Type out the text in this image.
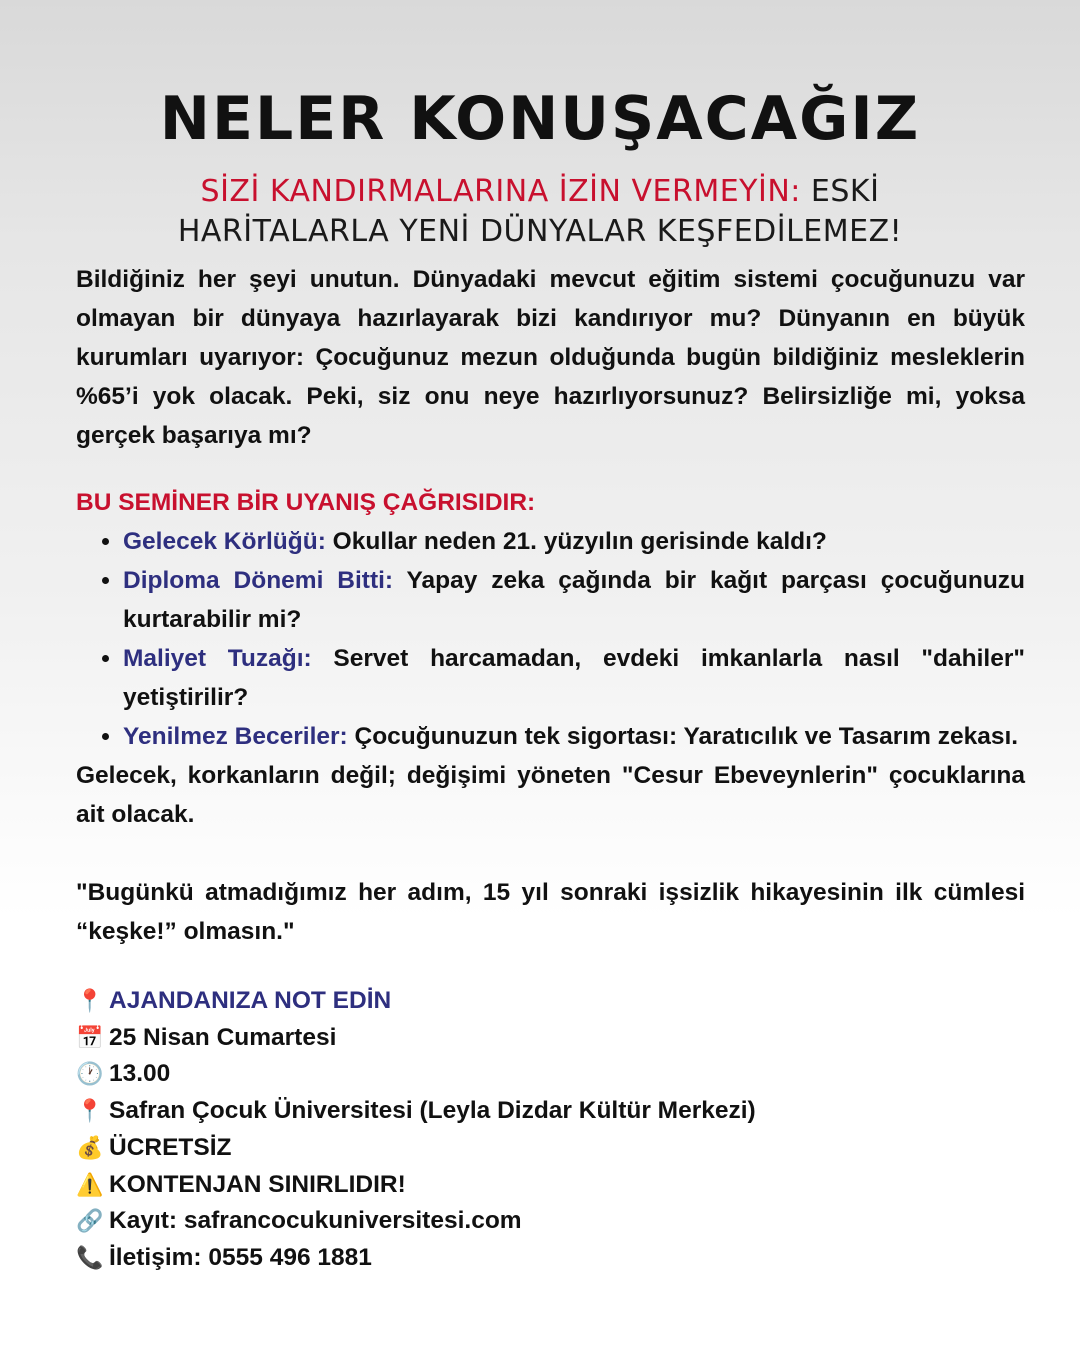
NELER KONUŞACAĞIZ
SİZİ KANDIRMALARINA İZİN VERMEYİN: ESKİ
HARİTALARLA YENİ DÜNYALAR KEŞFEDİLEMEZ!

Bildiğiniz her şeyi unutun. Dünyadaki mevcut eğitim sistemi çocuğunuzu var olmayan bir dünyaya hazırlayarak bizi kandırıyor mu? Dünyanın en büyük kurumları uyarıyor: Çocuğunuz mezun olduğunda bugün bildiğiniz mesleklerin %65’i yok olacak. Peki, siz onu neye hazırlıyorsunuz? Belirsizliğe mi, yoksa gerçek başarıya mı?

BU SEMİNER BİR UYANIŞ ÇAĞRISIDIR:

• Gelecek Körlüğü: Okullar neden 21. yüzyılın gerisinde kaldı?
• Diploma Dönemi Bitti: Yapay zeka çağında bir kağıt parçası çocuğunuzu kurtarabilir mi?
• Maliyet Tuzağı: Servet harcamadan, evdeki imkanlarla nasıl "dahiler" yetiştirilir?
• Yenilmez Beceriler: Çocuğunuzun tek sigortası: Yaratıcılık ve Tasarım zekası.

Gelecek, korkanların değil; değişimi yöneten "Cesur Ebeveynlerin" çocuklarına ait olacak.

"Bugünkü atmadığımız her adım, 15 yıl sonraki işsizlik hikayesinin ilk cümlesi “keşke!” olmasın."

📍 AJANDANIZA NOT EDİN
📅 25 Nisan Cumartesi
🕐 13.00
📍 Safran Çocuk Üniversitesi (Leyla Dizdar Kültür Merkezi)
💰 ÜCRETSİZ
⚠️ KONTENJAN SINIRLIDIR!
🔗 Kayıt: safrancocukuniversitesi.com
📞 İletişim: 0555 496 1881
